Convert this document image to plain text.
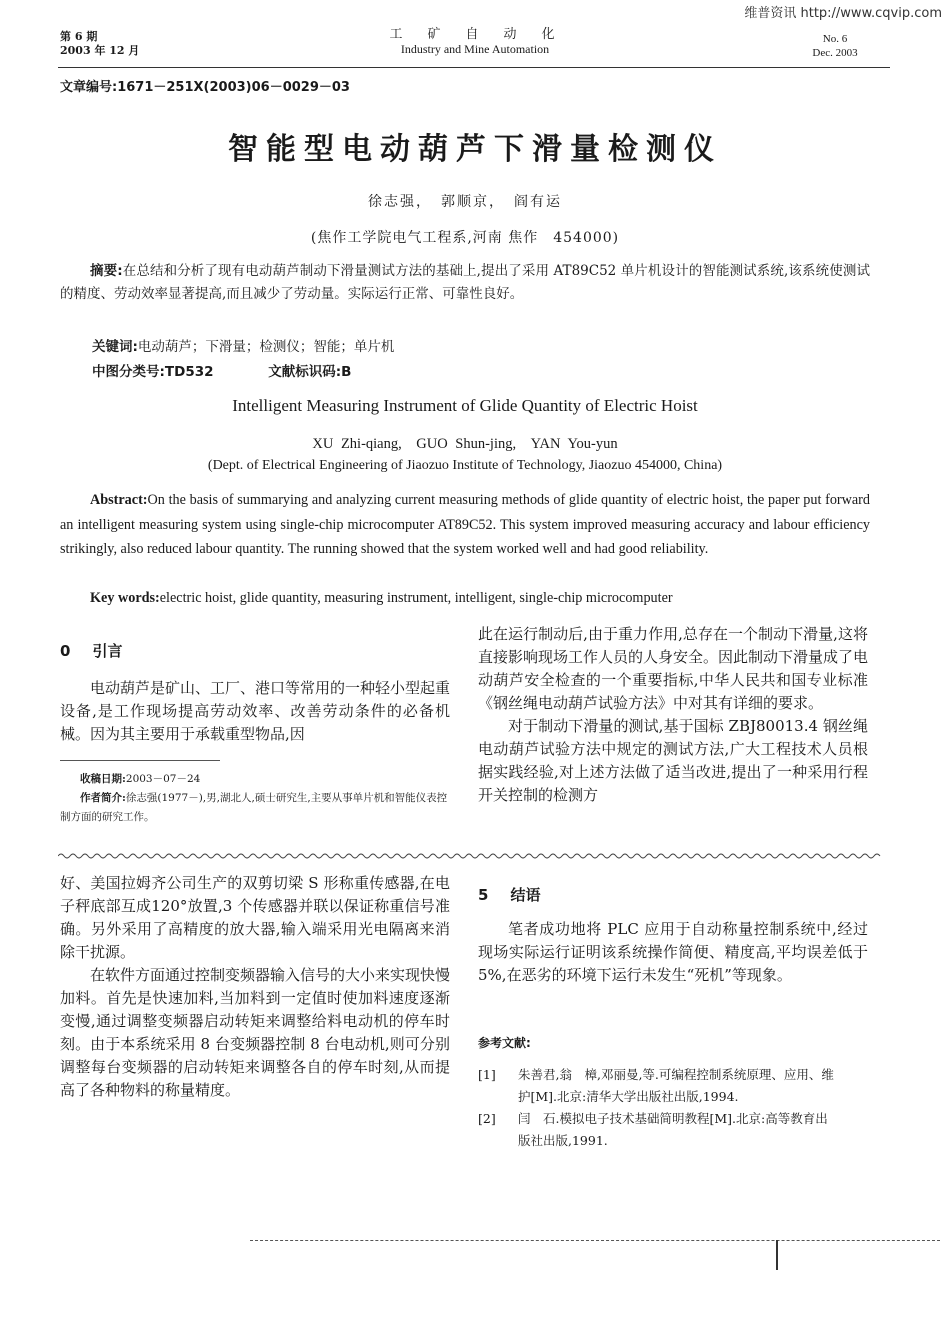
维普资讯 http://www.cqvip.com
第 6 期
2003 年 12 月
工　矿　自　动　化
Industry and Mine Automation
No. 6
Dec. 2003
文章编号:1671－251X(2003)06－0029－03
智能型电动葫芦下滑量检测仪
徐志强，　郭顺京，　阎有运
(焦作工学院电气工程系,河南 焦作　454000)
摘要:在总结和分析了现有电动葫芦制动下滑量测试方法的基础上,提出了采用 AT89C52 单片机设计的智能测试系统,该系统使测试的精度、劳动效率显著提高,而且减少了劳动量。实际运行正常、可靠性良好。
关键词:电动葫芦；下滑量；检测仪；智能；单片机
中图分类号:TD532	文献标识码:B
Intelligent Measuring Instrument of Glide Quantity of Electric Hoist
XU Zhi-qiang,　GUO Shun-jing,　YAN You-yun
(Dept. of Electrical Engineering of Jiaozuo Institute of Technology, Jiaozuo 454000, China)
Abstract:On the basis of summarying and analyzing current measuring methods of glide quantity of electric hoist, the paper put forward an intelligent measuring system using single-chip microcomputer AT89C52. This system improved measuring accuracy and labour efficiency strikingly, also reduced labour quantity. The running showed that the system worked well and had good reliability.
Key words:electric hoist, glide quantity, measuring instrument, intelligent, single-chip microcomputer
0 引言

电动葫芦是矿山、工厂、港口等常用的一种轻小型起重设备,是工作现场提高劳动效率、改善劳动条件的必备机械。因为其主要用于承载重型物品,因

收稿日期:2003－07－24
作者简介:徐志强(1977－),男,湖北人,硕士研究生,主要从事单片机和智能仪表控制方面的研究工作。

此在运行制动后,由于重力作用,总存在一个制动下滑量,这将直接影响现场工作人员的人身安全。因此制动下滑量成了电动葫芦安全检查的一个重要指标,中华人民共和国专业标准《钢丝绳电动葫芦试验方法》中对其有详细的要求。

对于制动下滑量的测试,基于国标 ZBJ80013.4 钢丝绳电动葫芦试验方法中规定的测试方法,广大工程技术人员根据实践经验,对上述方法做了适当改进,提出了一种采用行程开关控制的检测方

好、美国拉姆齐公司生产的双剪切梁 S 形称重传感器,在电子秤底部互成120°放置,3 个传感器并联以保证称重信号准确。另外采用了高精度的放大器,输入端采用光电隔离来消除干扰源。

在软件方面通过控制变频器输入信号的大小来实现快慢加料。首先是快速加料,当加料到一定值时使加料速度逐渐变慢,通过调整变频器启动转矩来调整给料电动机的停车时刻。由于本系统采用 8 台变频器控制 8 台电动机,则可分别调整每台变频器的启动转矩来调整各自的停车时刻,从而提高了各种物料的称量精度。

5 结语

笔者成功地将 PLC 应用于自动称量控制系统中,经过现场实际运行证明该系统操作简便、精度高,平均误差低于 5%,在恶劣的环境下运行未发生“死机”等现象。

参考文献:
[1] 朱善君,翁　樟,邓丽曼,等.可编程控制系统原理、应用、维护[M].北京:清华大学出版社出版,1994.
[2] 闫　石.模拟电子技术基础简明教程[M].北京:高等教育出版社出版,1991.
